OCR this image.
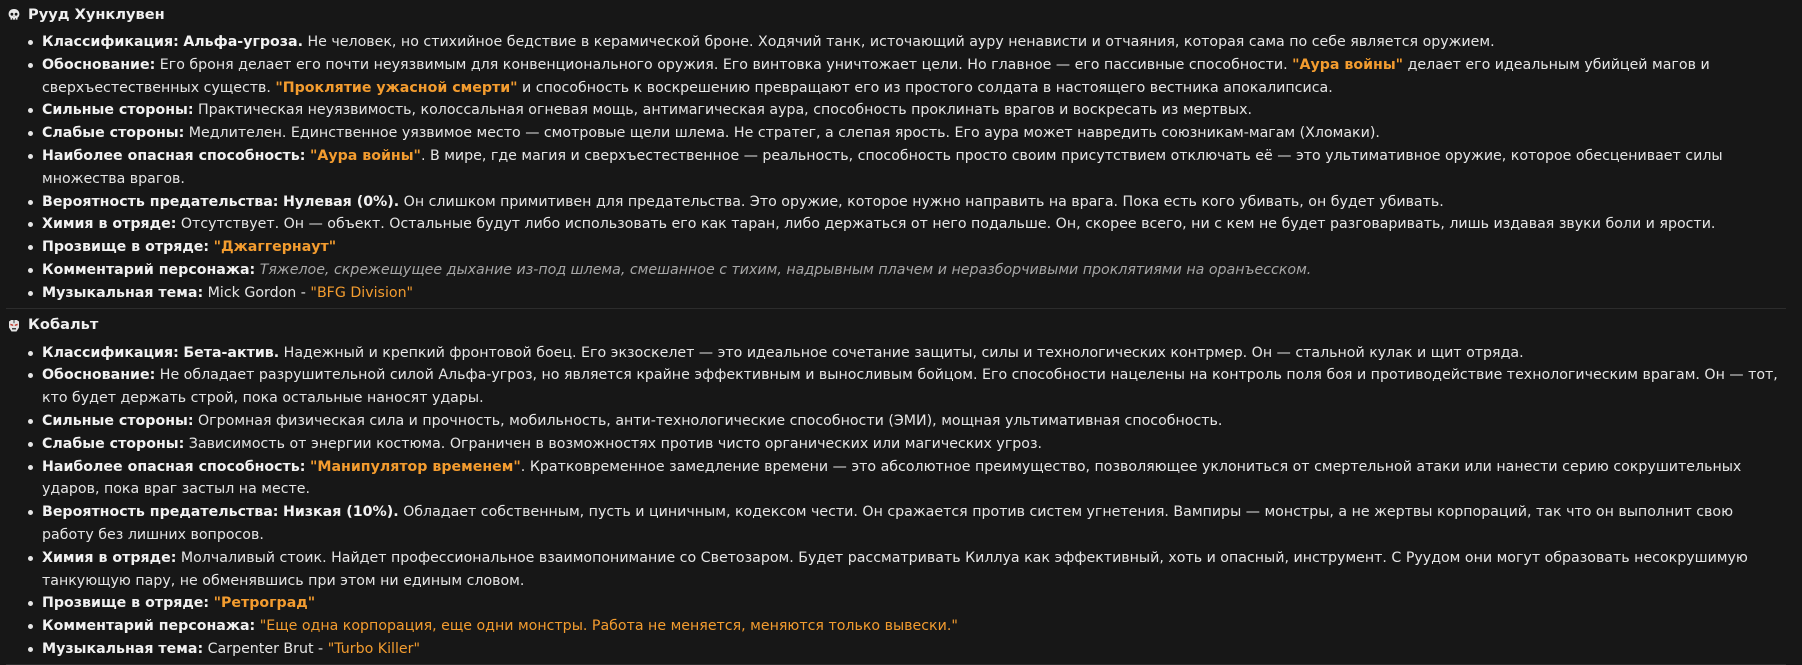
Рууд Хунклувен
Классификация: Альфа-угроза. Не человек, но стихийное бедствие в керамической броне. Ходячий танк, источающий ауру ненависти и отчаяния, которая сама по себе является оружием.
Обоснование: Его броня делает его почти неуязвимым для конвенционального оружия. Его винтовка уничтожает цели. Но главное — его пассивные способности. "Аура войны" делает его идеальным убийцей магов и сверхъестественных существ. "Проклятие ужасной смерти" и способность к воскрешению превращают его из простого солдата в настоящего вестника апокалипсиса.
Сильные стороны: Практическая неуязвимость, колоссальная огневая мощь, антимагическая аура, способность проклинать врагов и воскресать из мертвых.
Слабые стороны: Медлителен. Единственное уязвимое место — смотровые щели шлема. Не стратег, а слепая ярость. Его аура может навредить союзникам-магам (Хломаки).
Наиболее опасная способность: "Аура войны". В мире, где магия и сверхъестественное — реальность, способность просто своим присутствием отключать её — это ультимативное оружие, которое обесценивает силы множества врагов.
Вероятность предательства: Нулевая (0%). Он слишком примитивен для предательства. Это оружие, которое нужно направить на врага. Пока есть кого убивать, он будет убивать.
Химия в отряде: Отсутствует. Он — объект. Остальные будут либо использовать его как таран, либо держаться от него подальше. Он, скорее всего, ни с кем не будет разговаривать, лишь издавая звуки боли и ярости.
Прозвище в отряде: "Джаггернаут"
Комментарий персонажа: Тяжелое, скрежещущее дыхание из-под шлема, смешанное с тихим, надрывным плачем и неразборчивыми проклятиями на оранъесском.
Музыкальная тема: Mick Gordon - "BFG Division"
Кобальт
Классификация: Бета-актив. Надежный и крепкий фронтовой боец. Его экзоскелет — это идеальное сочетание защиты, силы и технологических контрмер. Он — стальной кулак и щит отряда.
Обоснование: Не обладает разрушительной силой Альфа-угроз, но является крайне эффективным и выносливым бойцом. Его способности нацелены на контроль поля боя и противодействие технологическим врагам. Он — тот, кто будет держать строй, пока остальные наносят удары.
Сильные стороны: Огромная физическая сила и прочность, мобильность, анти-технологические способности (ЭМИ), мощная ультимативная способность.
Слабые стороны: Зависимость от энергии костюма. Ограничен в возможностях против чисто органических или магических угроз.
Наиболее опасная способность: "Манипулятор временем". Кратковременное замедление времени — это абсолютное преимущество, позволяющее уклониться от смертельной атаки или нанести серию сокрушительных ударов, пока враг застыл на месте.
Вероятность предательства: Низкая (10%). Обладает собственным, пусть и циничным, кодексом чести. Он сражается против систем угнетения. Вампиры — монстры, а не жертвы корпораций, так что он выполнит свою работу без лишних вопросов.
Химия в отряде: Молчаливый стоик. Найдет профессиональное взаимопонимание со Светозаром. Будет рассматривать Киллуа как эффективный, хоть и опасный, инструмент. С Руудом они могут образовать несокрушимую танкующую пару, не обменявшись при этом ни единым словом.
Прозвище в отряде: "Ретроград"
Комментарий персонажа: "Еще одна корпорация, еще одни монстры. Работа не меняется, меняются только вывески."
Музыкальная тема: Carpenter Brut - "Turbo Killer"
